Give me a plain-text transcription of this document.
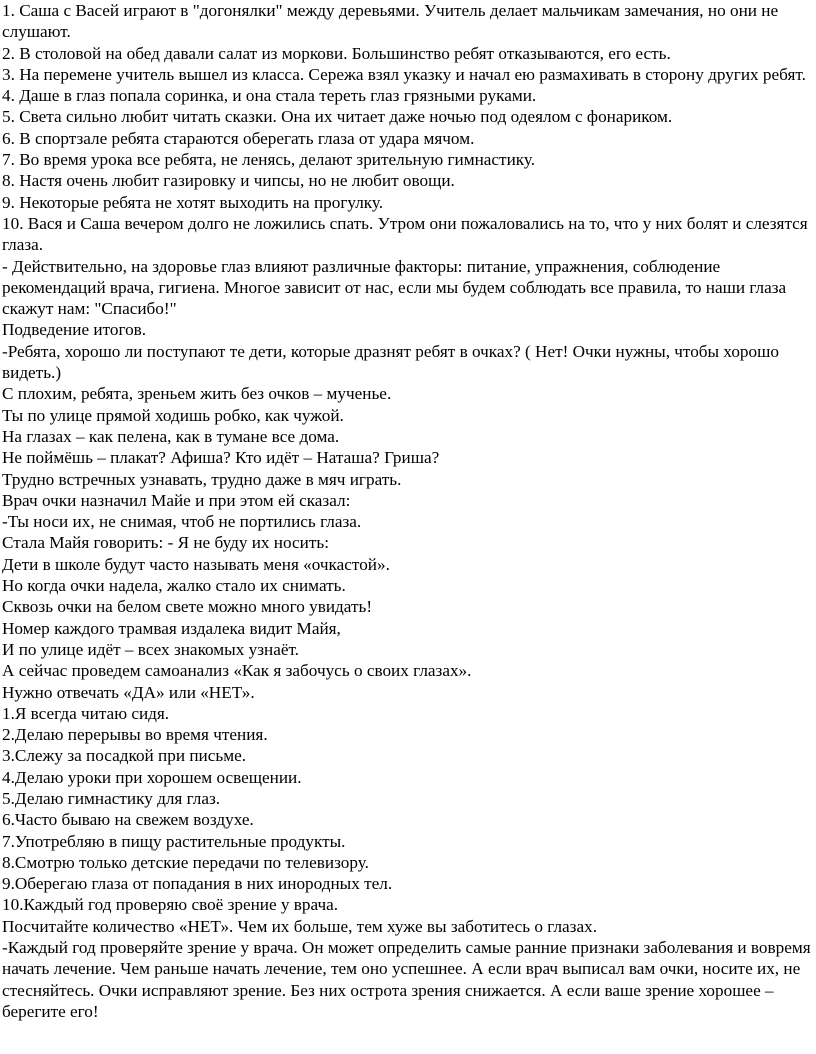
1. Саша с Васей играют в "догонялки" между деревьями. Учитель делает мальчикам замечания, но они не слушают.

2. В столовой на обед давали салат из моркови. Большинство ребят отказываются, его есть.

3. На перемене учитель вышел из класса. Сережа взял указку и начал ею размахивать в сторону других ребят.

4. Даше в глаз попала соринка, и она стала тереть глаз грязными руками.

5. Света сильно любит читать сказки. Она их читает даже ночью под одеялом с фонариком.

6. В спортзале ребята стараются оберегать глаза от удара мячом.

7. Во время урока все ребята, не ленясь, делают зрительную гимнастику.

8. Настя очень любит газировку и чипсы, но не любит овощи.

9. Некоторые ребята не хотят выходить на прогулку.

10. Вася и Саша вечером долго не ложились спать. Утром они пожаловались на то, что у них болят и слезятся глаза.

- Действительно, на здоровье глаз влияют различные факторы: питание, упражнения, соблюдение рекомендаций врача, гигиена. Многое зависит от нас, если мы будем соблюдать все правила, то наши глаза скажут нам: "Спасибо!"

Подведение итогов.

-Ребята, хорошо ли поступают те дети, которые дразнят ребят в очках? ( Нет! Очки нужны, чтобы хорошо видеть.)

С плохим, ребята, зреньем жить без очков – мученье.

Ты по улице прямой ходишь робко, как чужой.

На глазах – как пелена, как в тумане все дома.

Не поймёшь – плакат? Афиша? Кто идёт – Наташа? Гриша?

Трудно встречных узнавать, трудно даже в мяч играть.

Врач очки назначил Майе и при этом ей сказал:

-Ты носи их, не снимая, чтоб не портились глаза.

Стала Майя говорить: - Я не буду их носить:

Дети в школе будут часто называть меня «очкастой».

Но когда очки надела, жалко стало их снимать.

Сквозь очки на белом свете можно много увидать!

Номер каждого трамвая издалека видит Майя,

И по улице идёт – всех знакомых узнаёт.

А сейчас проведем самоанализ «Как я забочусь о своих глазах».

Нужно отвечать «ДА» или «НЕТ».

1.Я всегда читаю сидя.

2.Делаю перерывы во время чтения.

3.Слежу за посадкой при письме.

4.Делаю уроки при хорошем освещении.

5.Делаю гимнастику для глаз.

6.Часто бываю на свежем воздухе.

7.Употребляю в пищу растительные продукты.

8.Смотрю только детские передачи по телевизору.

9.Оберегаю глаза от попадания в них инородных тел.

10.Каждый год проверяю своё зрение у врача.

Посчитайте количество «НЕТ». Чем их больше, тем хуже вы заботитесь о глазах.

-Каждый год проверяйте зрение у врача. Он может определить самые ранние признаки заболевания и вовремя начать лечение. Чем раньше начать лечение, тем оно успешнее. А если врач выписал вам очки, носите их, не стесняйтесь. Очки исправляют зрение. Без них острота зрения снижается. А если ваше зрение хорошее – берегите его!
